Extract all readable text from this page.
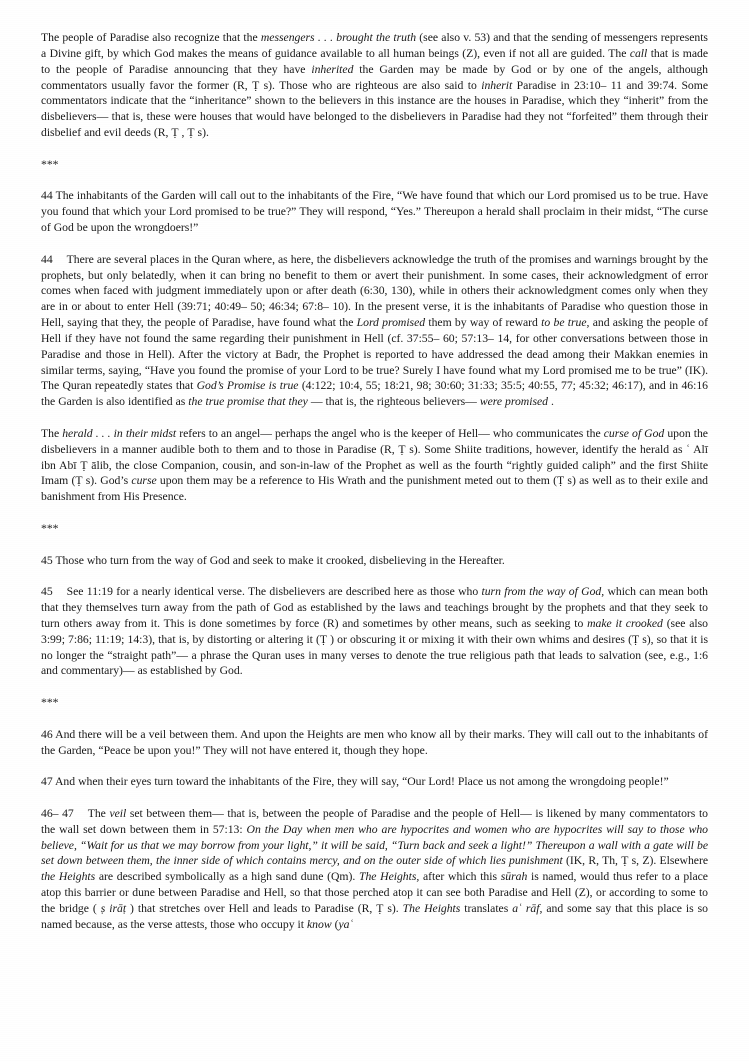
The people of Paradise also recognize that the messengers . . . brought the truth (see also v. 53) and that the sending of messengers represents a Divine gift, by which God makes the means of guidance available to all human beings (Z), even if not all are guided. The call that is made to the people of Paradise announcing that they have inherited the Garden may be made by God or by one of the angels, although commentators usually favor the former (R, Ṭ s). Those who are righteous are also said to inherit Paradise in 23:10– 11 and 39:74. Some commentators indicate that the “inheritance” shown to the believers in this instance are the houses in Paradise, which they “inherit” from the disbelievers— that is, these were houses that would have belonged to the disbelievers in Paradise had they not “forfeited” them through their disbelief and evil deeds (R, Ṭ , Ṭ s).

***

44 The inhabitants of the Garden will call out to the inhabitants of the Fire, “We have found that which our Lord promised us to be true. Have you found that which your Lord promised to be true?” They will respond, “Yes.” Thereupon a herald shall proclaim in their midst, “The curse of God be upon the wrongdoers!”

44 There are several places in the Quran where, as here, the disbelievers acknowledge the truth of the promises and warnings brought by the prophets, but only belatedly, when it can bring no benefit to them or avert their punishment. In some cases, their acknowledgment of error comes when faced with judgment immediately upon or after death (6:30, 130), while in others their acknowledgment comes only when they are in or about to enter Hell (39:71; 40:49– 50; 46:34; 67:8– 10). In the present verse, it is the inhabitants of Paradise who question those in Hell, saying that they, the people of Paradise, have found what the Lord promised them by way of reward to be true, and asking the people of Hell if they have not found the same regarding their punishment in Hell (cf. 37:55– 60; 57:13– 14, for other conversations between those in Paradise and those in Hell). After the victory at Badr, the Prophet is reported to have addressed the dead among their Makkan enemies in similar terms, saying, “Have you found the promise of your Lord to be true? Surely I have found what my Lord promised me to be true” (IK). The Quran repeatedly states that God’s Promise is true (4:122; 10:4, 55; 18:21, 98; 30:60; 31:33; 35:5; 40:55, 77; 45:32; 46:17), and in 46:16 the Garden is also identified as the true promise that they — that is, the righteous believers— were promised .

The herald . . . in their midst refers to an angel— perhaps the angel who is the keeper of Hell— who communicates the curse of God upon the disbelievers in a manner audible both to them and to those in Paradise (R, Ṭ s). Some Shiite traditions, however, identify the herald as ʿ Alī ibn Abī Ṭ ālib, the close Companion, cousin, and son-in-law of the Prophet as well as the fourth “rightly guided caliph” and the first Shiite Imam (Ṭ s). God’s curse upon them may be a reference to His Wrath and the punishment meted out to them (Ṭ s) as well as to their exile and banishment from His Presence.

***

45 Those who turn from the way of God and seek to make it crooked, disbelieving in the Hereafter.

45 See 11:19 for a nearly identical verse. The disbelievers are described here as those who turn from the way of God, which can mean both that they themselves turn away from the path of God as established by the laws and teachings brought by the prophets and that they seek to turn others away from it. This is done sometimes by force (R) and sometimes by other means, such as seeking to make it crooked (see also 3:99; 7:86; 11:19; 14:3), that is, by distorting or altering it (Ṭ ) or obscuring it or mixing it with their own whims and desires (Ṭ s), so that it is no longer the “straight path”— a phrase the Quran uses in many verses to denote the true religious path that leads to salvation (see, e.g., 1:6 and commentary)— as established by God.

***

46 And there will be a veil between them. And upon the Heights are men who know all by their marks. They will call out to the inhabitants of the Garden, “Peace be upon you!” They will not have entered it, though they hope.

47 And when their eyes turn toward the inhabitants of the Fire, they will say, “Our Lord! Place us not among the wrongdoing people!”

46– 47 The veil set between them— that is, between the people of Paradise and the people of Hell— is likened by many commentators to the wall set down between them in 57:13: On the Day when men who are hypocrites and women who are hypocrites will say to those who believe, “Wait for us that we may borrow from your light,” it will be said, “Turn back and seek a light!” Thereupon a wall with a gate will be set down between them, the inner side of which contains mercy, and on the outer side of which lies punishment (IK, R, Th, Ṭ s, Z). Elsewhere the Heights are described symbolically as a high sand dune (Qm). The Heights, after which this sūrah is named, would thus refer to a place atop this barrier or dune between Paradise and Hell, so that those perched atop it can see both Paradise and Hell (Z), or according to some to the bridge ( ṣ irāṭ ) that stretches over Hell and leads to Paradise (R, Ṭ s). The Heights translates aʿ rāf, and some say that this place is so named because, as the verse attests, those who occupy it know (yaʿ
